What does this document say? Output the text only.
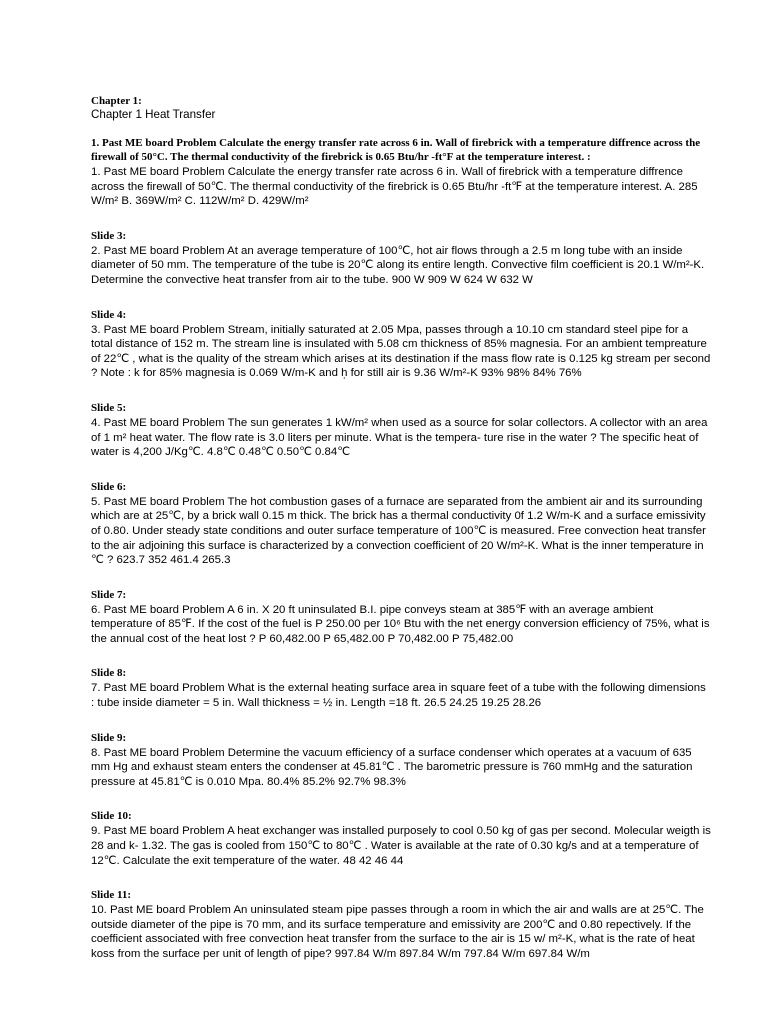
Chapter 1:

Chapter 1 Heat Transfer

1. Past ME board Problem Calculate the energy transfer rate across 6 in. Wall of firebrick with a temperature diffrence across the firewall of 50°C. The thermal conductivity of the firebrick is 0.65 Btu/hr -ft°F at the temperature interest. :

1. Past ME board Problem Calculate the energy transfer rate across 6 in. Wall of firebrick with a temperature diffrence across the firewall of 50℃. The thermal conductivity of the firebrick is 0.65 Btu/hr -ft℉ at the temperature interest. A. 285 W/m² B. 369W/m² C. 112W/m² D. 429W/m²

Slide 3:

2. Past ME board Problem At an average temperature of 100℃, hot air flows through a 2.5 m long tube with an inside diameter of 50 mm. The temperature of the tube is 20℃ along its entire length. Convective film coefficient is 20.1 W/m²-K. Determine the convective heat transfer from air to the tube. 900 W 909 W 624 W 632 W

Slide 4:

3. Past ME board Problem Stream, initially saturated at 2.05 Mpa, passes through a 10.10 cm standard steel pipe for a total distance of 152 m. The stream line is insulated with 5.08 cm thickness of 85% magnesia. For an ambient tempreature of 22℃ , what is the quality of the stream which arises at its destination if the mass flow rate is 0.125 kg stream per second ? Note : k for 85% magnesia is 0.069 W/m-K and h̹ for still air is 9.36 W/m²-K 93% 98% 84% 76%

Slide 5:

4. Past ME board Problem The sun generates 1 kW/m² when used as a source for solar collectors. A collector with an area of 1 m² heat water. The flow rate is 3.0 liters per minute. What is the tempera- ture rise in the water ? The specific heat of water is 4,200 J/Kg℃. 4.8℃ 0.48℃ 0.50℃ 0.84℃

Slide 6:

5. Past ME board Problem The hot combustion gases of a furnace are separated from the ambient air and its surrounding which are at 25℃, by a brick wall 0.15 m thick. The brick has a thermal conductivity 0f 1.2 W/m-K and a surface emissivity of 0.80. Under steady state conditions and outer surface temperature of 100℃ is measured. Free convection heat transfer to the air adjoining this surface is characterized by a convection coefficient of 20 W/m²-K. What is the inner temperature in ℃ ? 623.7 352 461.4 265.3

Slide 7:

6. Past ME board Problem A 6 in. X 20 ft uninsulated B.I. pipe conveys steam at 385℉ with an average ambient temperature of 85℉. If the cost of the fuel is P 250.00 per 10⁶ Btu with the net energy conversion efficiency of 75%, what is the annual cost of the heat lost ? P 60,482.00 P 65,482.00 P 70,482.00 P 75,482.00

Slide 8:

7. Past ME board Problem What is the external heating surface area in square feet of a tube with the following dimensions : tube inside diameter = 5 in. Wall thickness = ½ in. Length =18 ft. 26.5 24.25 19.25 28.26

Slide 9:

8. Past ME board Problem Determine the vacuum efficiency of a surface condenser which operates at a vacuum of 635 mm Hg and exhaust steam enters the condenser at 45.81℃ . The barometric pressure is 760 mmHg and the saturation pressure at 45.81℃ is 0.010 Mpa. 80.4% 85.2% 92.7% 98.3%

Slide 10:

9. Past ME board Problem A heat exchanger was installed purposely to cool 0.50 kg of gas per second. Molecular weigth is 28 and k- 1.32. The gas is cooled from 150℃ to 80℃ . Water is available at the rate of 0.30 kg/s and at a temperature of 12℃. Calculate the exit temperature of the water. 48 42 46 44

Slide 11:

10. Past ME board Problem An uninsulated steam pipe passes through a room in which the air and walls are at 25℃. The outside diameter of the pipe is 70 mm, and its surface temperature and emissivity are 200℃ and 0.80 repectively. If the coefficient associated with free convection heat transfer from the surface to the air is 15 w/ m²-K, what is the rate of heat koss from the surface per unit of length of pipe? 997.84 W/m 897.84 W/m 797.84 W/m 697.84 W/m
